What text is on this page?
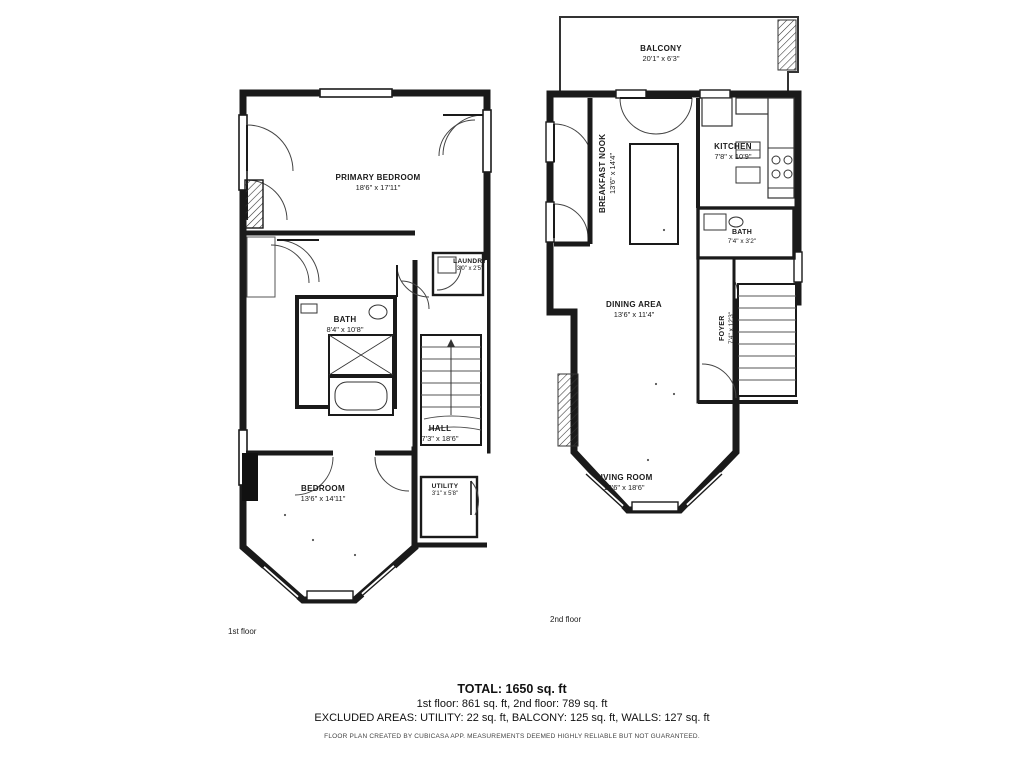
PRIMARY BEDROOM
18'6" x 17'11"
BATH
8'4" x 10'8"
LAUNDRY
3'0" x 2'5"
HALL
7'3" x 18'6"
BEDROOM
13'6" x 14'11"
UTILITY
3'1" x 5'8"
1st floor
BALCONY
20'1" x 6'3"
KITCHEN
7'8" x 10'9"
BREAKFAST NOOK 13'6" x 14'4"
BATH
7'4" x 3'2"
FOYER 7'4" x 12'3"
DINING AREA
13'6" x 11'4"
LIVING ROOM
13'6" x 18'6"
2nd floor
TOTAL: 1650 sq. ft
1st floor: 861 sq. ft, 2nd floor: 789 sq. ft
EXCLUDED AREAS: UTILITY: 22 sq. ft, BALCONY: 125 sq. ft, WALLS: 127 sq. ft
FLOOR PLAN CREATED BY CUBICASA APP. MEASUREMENTS DEEMED HIGHLY RELIABLE BUT NOT GUARANTEED.
